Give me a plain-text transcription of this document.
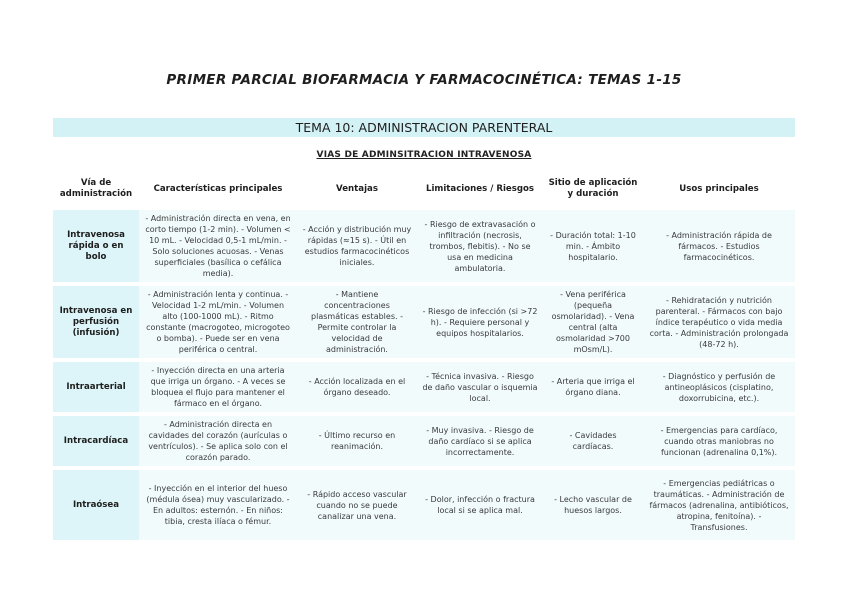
PRIMER PARCIAL BIOFARMACIA Y FARMACOCINÉTICA: TEMAS 1-15
TEMA 10: ADMINISTRACION PARENTERAL
VIAS DE ADMINSITRACION INTRAVENOSA
Vía de administración	Características principales	Ventajas	Limitaciones / Riesgos	Sitio de aplicación y duración	Usos principales
Intravenosa rápida o en bolo	- Administración directa en vena, en corto tiempo (1-2 min). - Volumen < 10 mL. - Velocidad 0,5-1 mL/min. - Solo soluciones acuosas. - Venas superficiales (basílica o cefálica media).	- Acción y distribución muy rápidas (≈15 s). - Útil en estudios farmacocinéticos iniciales.	- Riesgo de extravasación o infiltración (necrosis, trombos, flebitis). - No se usa en medicina ambulatoria.	- Duración total: 1-10 min. - Ámbito hospitalario.	- Administración rápida de fármacos. - Estudios farmacocinéticos.
Intravenosa en perfusión (infusión)	- Administración lenta y continua. - Velocidad 1-2 mL/min. - Volumen alto (100-1000 mL). - Ritmo constante (macrogoteo, microgoteo o bomba). - Puede ser en vena periférica o central.	- Mantiene concentraciones plasmáticas estables. - Permite controlar la velocidad de administración.	- Riesgo de infección (si >72 h). - Requiere personal y equipos hospitalarios.	- Vena periférica (pequeña osmolaridad). - Vena central (alta osmolaridad >700 mOsm/L).	- Rehidratación y nutrición parenteral. - Fármacos con bajo índice terapéutico o vida media corta. - Administración prolongada (48-72 h).
Intraarterial	- Inyección directa en una arteria que irriga un órgano. - A veces se bloquea el flujo para mantener el fármaco en el órgano.	- Acción localizada en el órgano deseado.	- Técnica invasiva. - Riesgo de daño vascular o isquemia local.	- Arteria que irriga el órgano diana.	- Diagnóstico y perfusión de antineoplásicos (cisplatino, doxorrubicina, etc.).
Intracardíaca	- Administración directa en cavidades del corazón (aurículas o ventrículos). - Se aplica solo con el corazón parado.	- Último recurso en reanimación.	- Muy invasiva. - Riesgo de daño cardíaco si se aplica incorrectamente.	- Cavidades cardíacas.	- Emergencias para cardíaco, cuando otras maniobras no funcionan (adrenalina 0,1%).
Intraósea	- Inyección en el interior del hueso (médula ósea) muy vascularizado. - En adultos: esternón. - En niños: tibia, cresta ilíaca o fémur.	- Rápido acceso vascular cuando no se puede canalizar una vena.	- Dolor, infección o fractura local si se aplica mal.	- Lecho vascular de huesos largos.	- Emergencias pediátricas o traumáticas. - Administración de fármacos (adrenalina, antibióticos, atropina, fenitoína). - Transfusiones.
